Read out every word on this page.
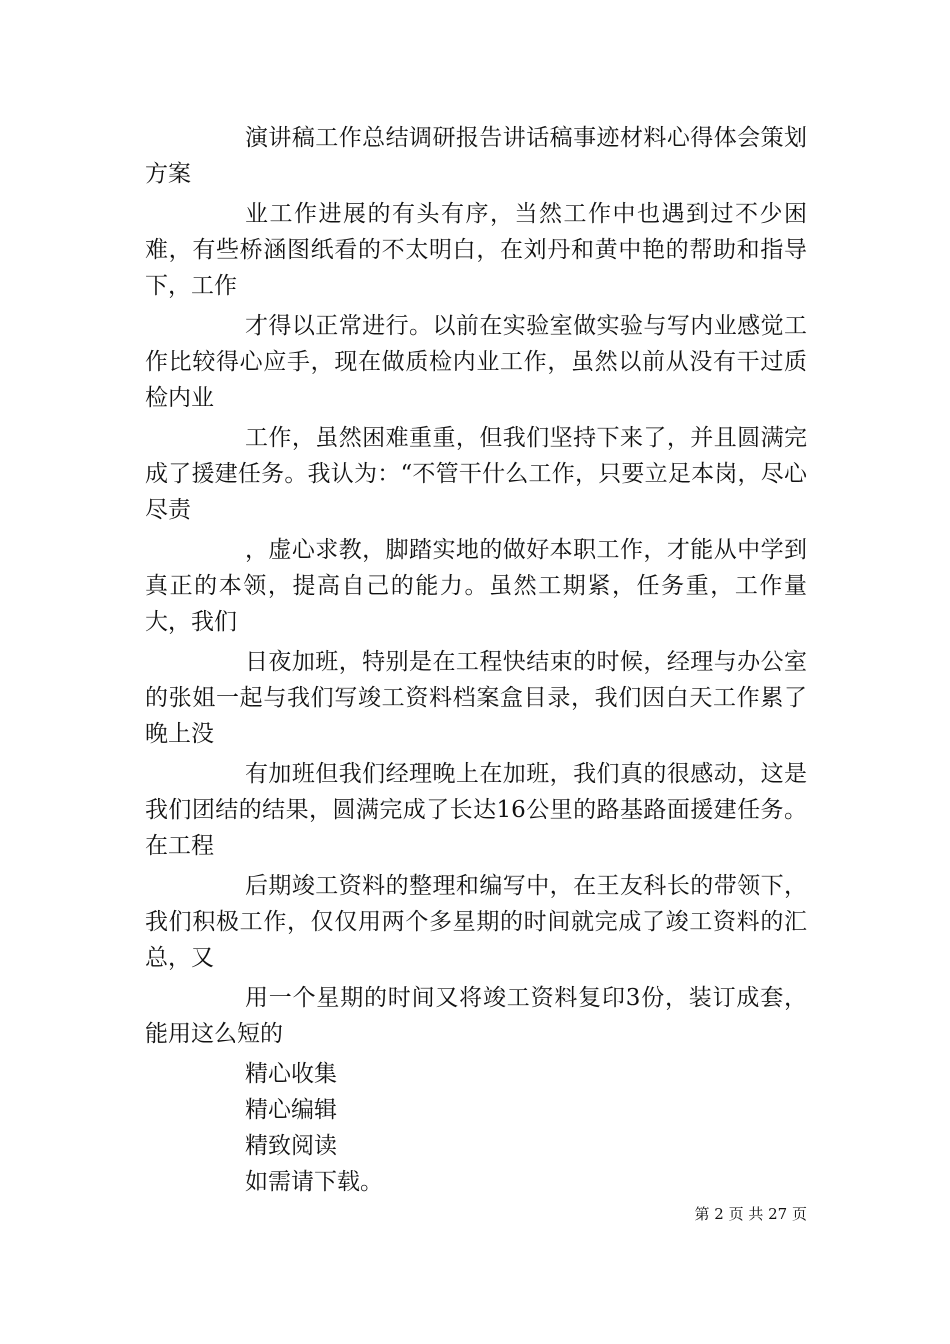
演讲稿工作总结调研报告讲话稿事迹材料心得体会策划方案

业工作进展的有头有序，当然工作中也遇到过不少困难，有些桥涵图纸看的不太明白，在刘丹和黄中艳的帮助和指导下，工作

才得以正常进行。以前在实验室做实验与写内业感觉工作比较得心应手，现在做质检内业工作，虽然以前从没有干过质检内业

工作，虽然困难重重，但我们坚持下来了，并且圆满完成了援建任务。我认为：“不管干什么工作，只要立足本岗，尽心尽责

，虚心求教，脚踏实地的做好本职工作，才能从中学到真正的本领，提高自己的能力。虽然工期紧，任务重，工作量大，我们

日夜加班，特别是在工程快结束的时候，经理与办公室的张姐一起与我们写竣工资料档案盒目录，我们因白天工作累了晚上没

有加班但我们经理晚上在加班，我们真的很感动，这是我们团结的结果，圆满完成了长达16公里的路基路面援建任务。在工程

后期竣工资料的整理和编写中，在王友科长的带领下，我们积极工作，仅仅用两个多星期的时间就完成了竣工资料的汇总，又

用一个星期的时间又将竣工资料复印3份，装订成套，能用这么短的

精心收集

精心编辑

精致阅读

如需请下载。

第 2 页 共 27 页
